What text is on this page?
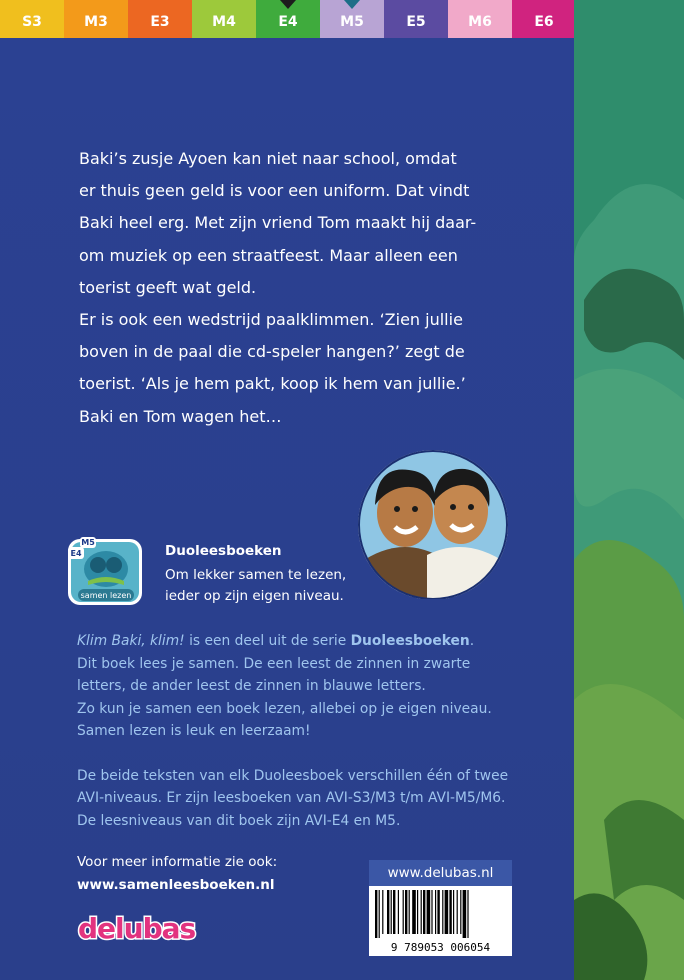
S3	M3	E3	M4	E4	M5	E5	M6	E6

Baki’s zusje Ayoen kan niet naar school, omdat

er thuis geen geld is voor een uniform. Dat vindt

Baki heel erg. Met zijn vriend Tom maakt hij daar-

om muziek op een straatfeest. Maar alleen een

toerist geeft wat geld.

Er is ook een wedstrijd paalklimmen. ‘Zien jullie

boven in de paal die cd-speler hangen?’ zegt de

toerist. ‘Als je hem pakt, koop ik hem van jullie.’

Baki en Tom wagen het…

samen lezen
E4
M5
Duoleesboeken
Om lekker samen te lezen,
ieder op zijn eigen niveau.

Klim Baki, klim! is een deel uit de serie Duoleesboeken.
Dit boek lees je samen. De een leest de zinnen in zwarte
letters, de ander leest de zinnen in blauwe letters.
Zo kun je samen een boek lezen, allebei op je eigen niveau.
Samen lezen is leuk en leerzaam!

De beide teksten van elk Duoleesboek verschillen één of twee
AVI-niveaus. Er zijn leesboeken van AVI-S3/M3 t/m AVI-M5/M6.
De leesniveaus van dit boek zijn AVI-E4 en M5.

Voor meer informatie zie ook:
www.samenleesboeken.nl
www.delubas.nl
9 789053 006054
delubas
